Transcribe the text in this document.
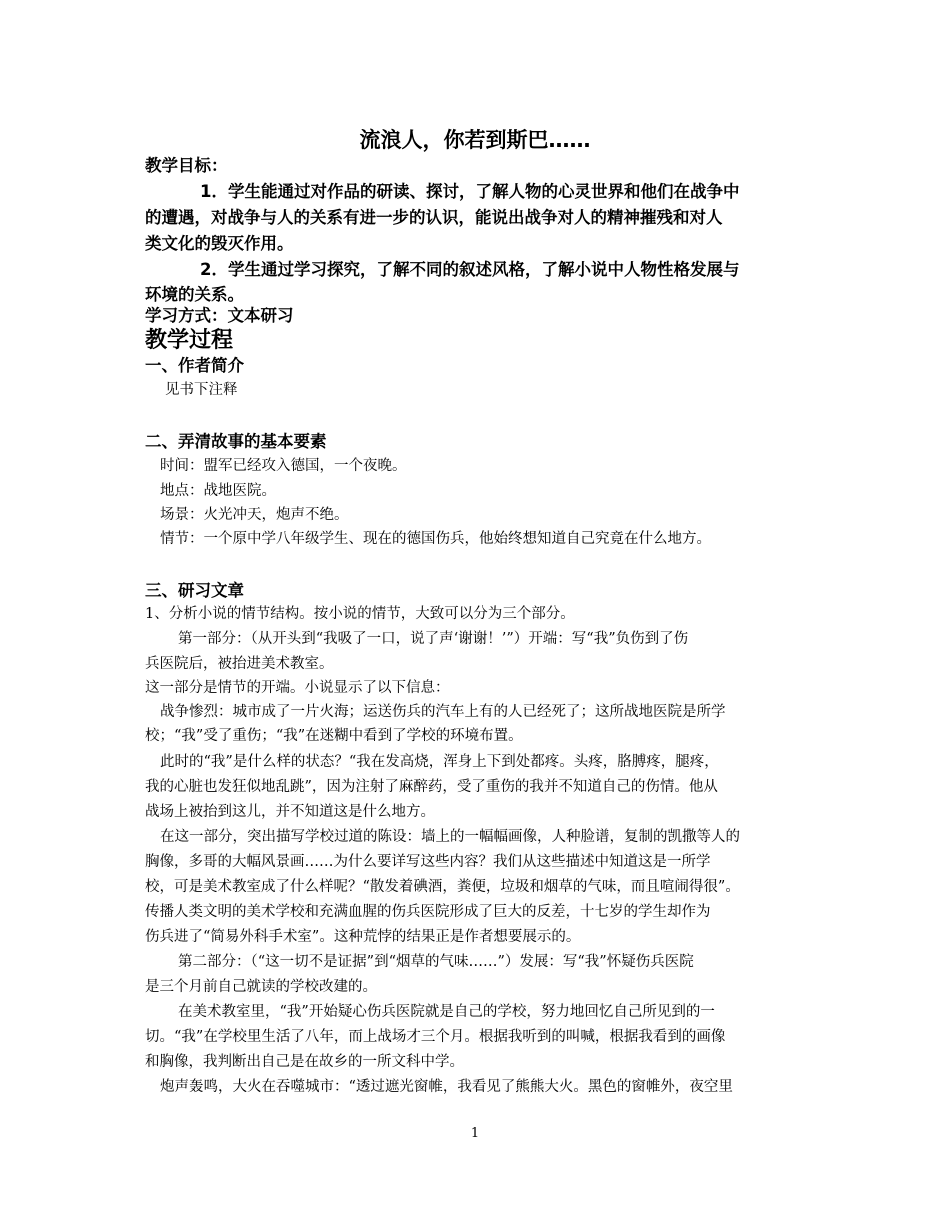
流浪人，你若到斯巴……
教学目标：
1．学生能通过对作品的研读、探讨，了解人物的心灵世界和他们在战争中
的遭遇，对战争与人的关系有进一步的认识，能说出战争对人的精神摧残和对人
类文化的毁灭作用。
2．学生通过学习探究，了解不同的叙述风格，了解小说中人物性格发展与
环境的关系。
学习方式：文本研习
教学过程
一、作者简介
见书下注释
二、弄清故事的基本要素
时间：盟军已经攻入德国，一个夜晚。
地点：战地医院。
场景：火光冲天，炮声不绝。
情节：一个原中学八年级学生、现在的德国伤兵，他始终想知道自己究竟在什么地方。
三、研习文章
1、分析小说的情节结构。按小说的情节，大致可以分为三个部分。
第一部分：（从开头到“我吸了一口，说了声‘谢谢！’”）开端：写“我”负伤到了伤
兵医院后，被抬进美术教室。
这一部分是情节的开端。小说显示了以下信息：
战争惨烈：城市成了一片火海；运送伤兵的汽车上有的人已经死了；这所战地医院是所学
校；“我”受了重伤；“我”在迷糊中看到了学校的环境布置。
此时的“我”是什么样的状态？“我在发高烧，浑身上下到处都疼。头疼，胳膊疼，腿疼，
我的心脏也发狂似地乱跳”，因为注射了麻醉药，受了重伤的我并不知道自己的伤情。他从
战场上被抬到这儿，并不知道这是什么地方。
在这一部分，突出描写学校过道的陈设：墙上的一幅幅画像，人种脸谱，复制的凯撒等人的
胸像，多哥的大幅风景画……为什么要详写这些内容？我们从这些描述中知道这是一所学
校，可是美术教室成了什么样呢？“散发着碘酒，粪便，垃圾和烟草的气味，而且喧闹得很”。
传播人类文明的美术学校和充满血腥的伤兵医院形成了巨大的反差，十七岁的学生却作为
伤兵进了“简易外科手术室”。这种荒悖的结果正是作者想要展示的。
第二部分：（“这一切不是证据”到“烟草的气味……”）发展：写“我”怀疑伤兵医院
是三个月前自己就读的学校改建的。
在美术教室里，“我”开始疑心伤兵医院就是自己的学校，努力地回忆自己所见到的一
切。“我”在学校里生活了八年，而上战场才三个月。根据我听到的叫喊，根据我看到的画像
和胸像，我判断出自己是在故乡的一所文科中学。
炮声轰鸣，大火在吞噬城市：“透过遮光窗帷，我看见了熊熊大火。黑色的窗帷外，夜空里
1
